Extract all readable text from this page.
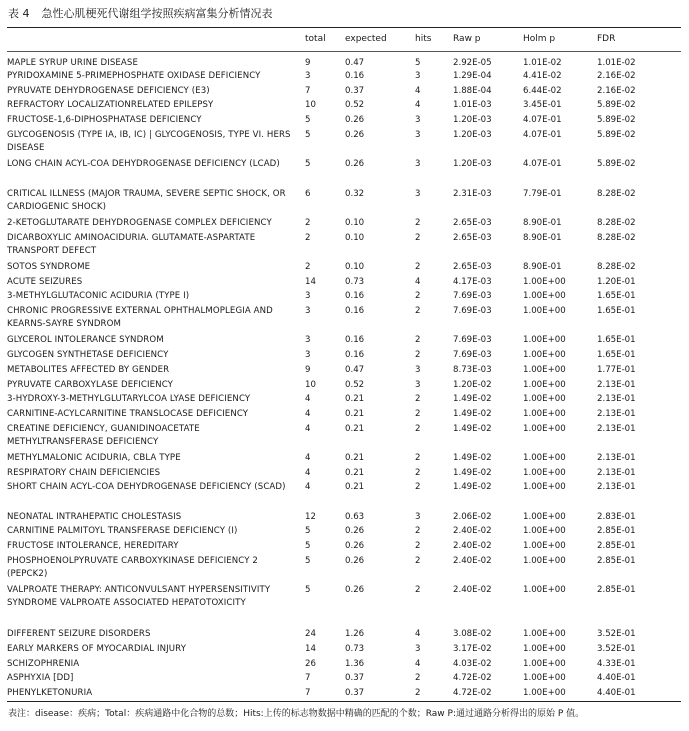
表 4 急性心肌梗死代谢组学按照疾病富集分析情况表
	total	expected	hits	Raw p	Holm p	FDR
MAPLE SYRUP URINE DISEASE	9	0.47	5	2.92E-05	1.01E-02	1.01E-02
PYRIDOXAMINE 5-PRIMEPHOSPHATE OXIDASE DEFICIENCY	3	0.16	3	1.29E-04	4.41E-02	2.16E-02
PYRUVATE DEHYDROGENASE DEFICIENCY (E3)	7	0.37	4	1.88E-04	6.44E-02	2.16E-02
REFRACTORY LOCALIZATIONRELATED EPILEPSY	10	0.52	4	1.01E-03	3.45E-01	5.89E-02
FRUCTOSE-1,6-DIPHOSPHATASE DEFICIENCY	5	0.26	3	1.20E-03	4.07E-01	5.89E-02
GLYCOGENOSIS (TYPE IA, IB, IC) | GLYCOGENOSIS, TYPE VI. HERS DISEASE	5	0.26	3	1.20E-03	4.07E-01	5.89E-02
LONG CHAIN ACYL-COA DEHYDROGENASE DEFICIENCY (LCAD)	5	0.26	3	1.20E-03	4.07E-01	5.89E-02
CRITICAL ILLNESS (MAJOR TRAUMA, SEVERE SEPTIC SHOCK, OR CARDIOGENIC SHOCK)	6	0.32	3	2.31E-03	7.79E-01	8.28E-02
2-KETOGLUTARATE DEHYDROGENASE COMPLEX DEFICIENCY	2	0.10	2	2.65E-03	8.90E-01	8.28E-02
DICARBOXYLIC AMINOACIDURIA. GLUTAMATE-ASPARTATE TRANSPORT DEFECT	2	0.10	2	2.65E-03	8.90E-01	8.28E-02
SOTOS SYNDROME	2	0.10	2	2.65E-03	8.90E-01	8.28E-02
ACUTE SEIZURES	14	0.73	4	4.17E-03	1.00E+00	1.20E-01
3-METHYLGLUTACONIC ACIDURIA (TYPE I)	3	0.16	2	7.69E-03	1.00E+00	1.65E-01
CHRONIC PROGRESSIVE EXTERNAL OPHTHALMOPLEGIA AND KEARNS-SAYRE SYNDROM	3	0.16	2	7.69E-03	1.00E+00	1.65E-01
GLYCEROL INTOLERANCE SYNDROM	3	0.16	2	7.69E-03	1.00E+00	1.65E-01
GLYCOGEN SYNTHETASE DEFICIENCY	3	0.16	2	7.69E-03	1.00E+00	1.65E-01
METABOLITES AFFECTED BY GENDER	9	0.47	3	8.73E-03	1.00E+00	1.77E-01
PYRUVATE CARBOXYLASE DEFICIENCY	10	0.52	3	1.20E-02	1.00E+00	2.13E-01
3-HYDROXY-3-METHYLGLUTARYLCOA LYASE DEFICIENCY	4	0.21	2	1.49E-02	1.00E+00	2.13E-01
CARNITINE-ACYLCARNITINE TRANSLOCASE DEFICIENCY	4	0.21	2	1.49E-02	1.00E+00	2.13E-01
CREATINE DEFICIENCY, GUANIDINOACETATE METHYLTRANSFERASE DEFICIENCY	4	0.21	2	1.49E-02	1.00E+00	2.13E-01
METHYLMALONIC ACIDURIA, CBLA TYPE	4	0.21	2	1.49E-02	1.00E+00	2.13E-01
RESPIRATORY CHAIN DEFICIENCIES	4	0.21	2	1.49E-02	1.00E+00	2.13E-01
SHORT CHAIN ACYL-COA DEHYDROGENASE DEFICIENCY (SCAD)	4	0.21	2	1.49E-02	1.00E+00	2.13E-01
NEONATAL INTRAHEPATIC CHOLESTASIS	12	0.63	3	2.06E-02	1.00E+00	2.83E-01
CARNITINE PALMITOYL TRANSFERASE DEFICIENCY (I)	5	0.26	2	2.40E-02	1.00E+00	2.85E-01
FRUCTOSE INTOLERANCE, HEREDITARY	5	0.26	2	2.40E-02	1.00E+00	2.85E-01
PHOSPHOENOLPYRUVATE CARBOXYKINASE DEFICIENCY 2 (PEPCK2)	5	0.26	2	2.40E-02	1.00E+00	2.85E-01
VALPROATE THERAPY: ANTICONVULSANT HYPERSENSITIVITY SYNDROME VALPROATE ASSOCIATED HEPATOTOXICITY	5	0.26	2	2.40E-02	1.00E+00	2.85E-01
DIFFERENT SEIZURE DISORDERS	24	1.26	4	3.08E-02	1.00E+00	3.52E-01
EARLY MARKERS OF MYOCARDIAL INJURY	14	0.73	3	3.17E-02	1.00E+00	3.52E-01
SCHIZOPHRENIA	26	1.36	4	4.03E-02	1.00E+00	4.33E-01
ASPHYXIA [DD]	7	0.37	2	4.72E-02	1.00E+00	4.40E-01
PHENYLKETONURIA	7	0.37	2	4.72E-02	1.00E+00	4.40E-01
表注：disease：疾病；Total：疾病通路中化合物的总数；Hits:上传的标志物数据中精确的匹配的个数；Raw P:通过通路分析得出的原始 P 值。
